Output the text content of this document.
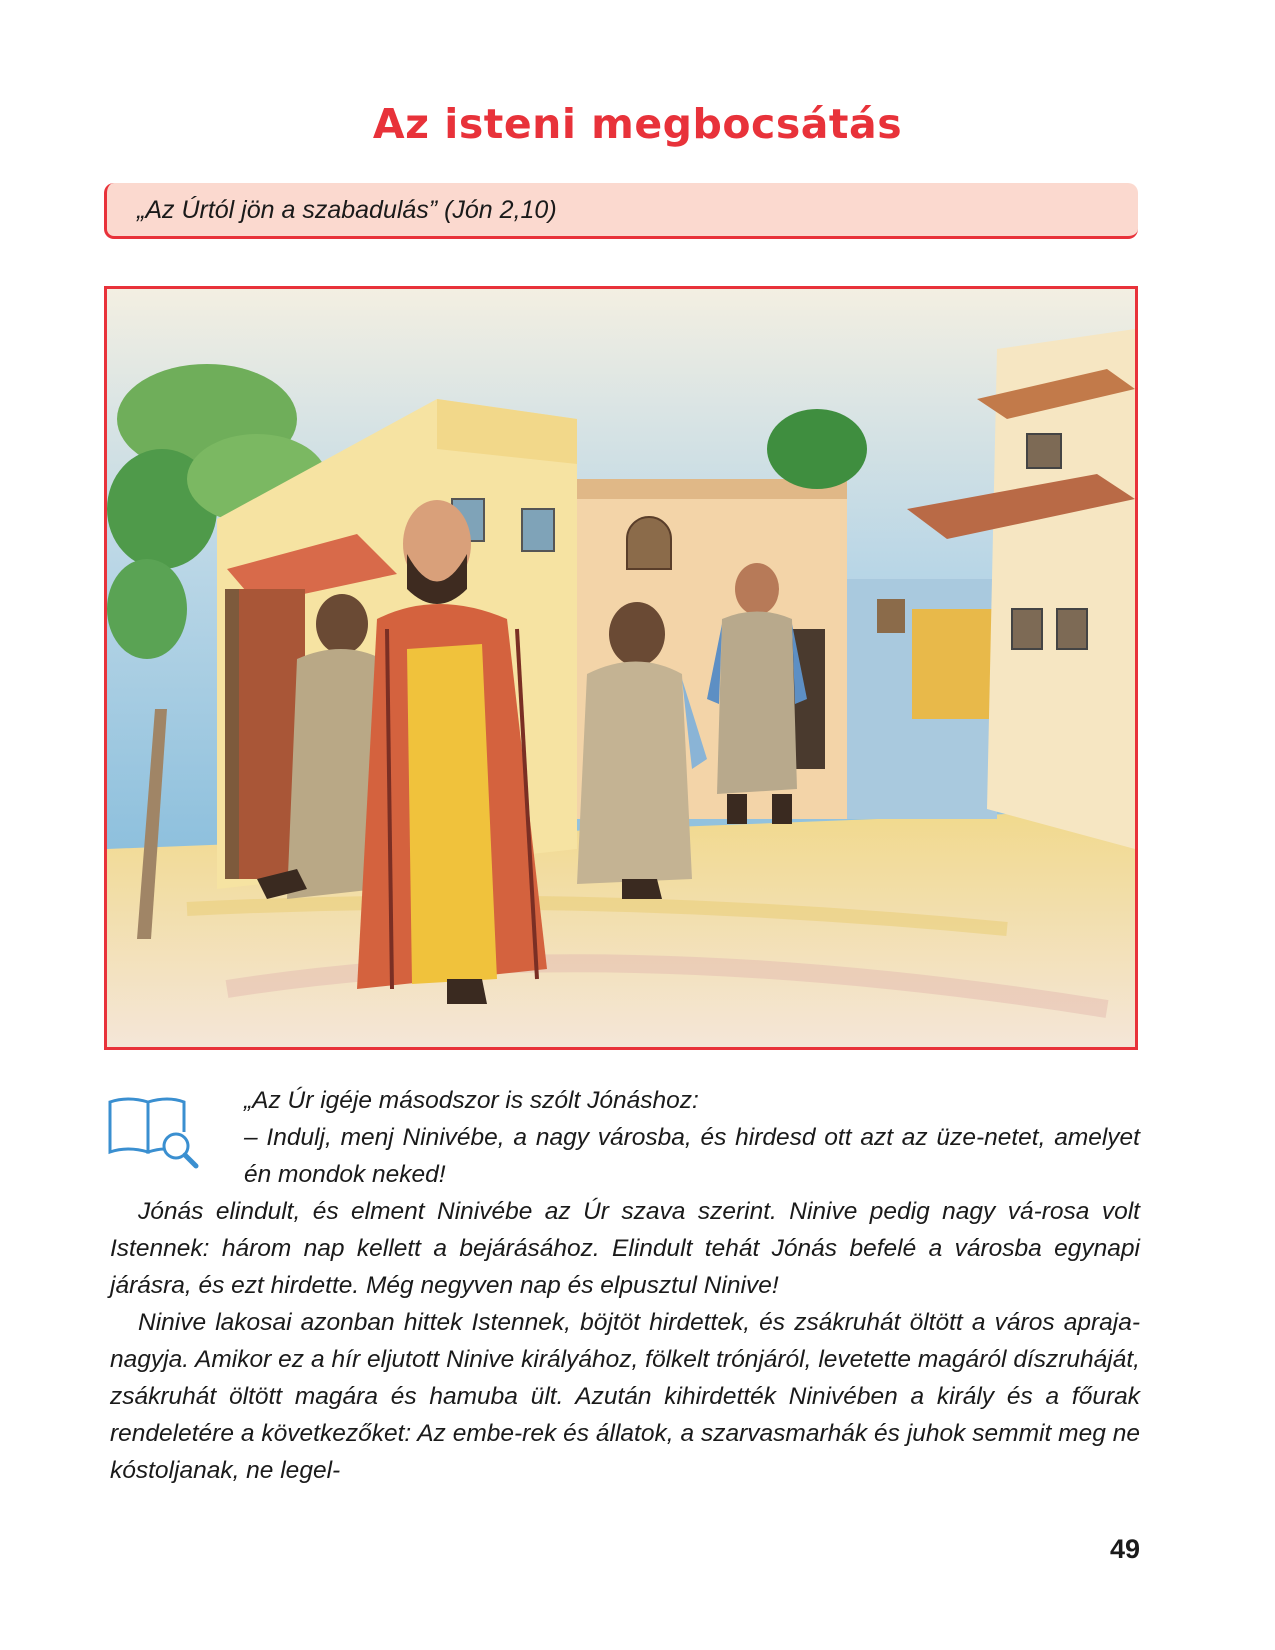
Az isteni megbocsátás
„Az Úrtól jön a szabadulás” (Jón 2,10)

„Az Úr igéje másodszor is szólt Jónáshoz:

– Indulj, menj Ninivébe, a nagy városba, és hirdesd ott azt az üze-netet, amelyet én mondok neked!

Jónás elindult, és elment Ninivébe az Úr szava szerint. Ninive pedig nagy vá-rosa volt Istennek: három nap kellett a bejárásához. Elindult tehát Jónás befelé a városba egynapi járásra, és ezt hirdette. Még negyven nap és elpusztul Ninive!

Ninive lakosai azonban hittek Istennek, böjtöt hirdettek, és zsákruhát öltött a város apraja-nagyja. Amikor ez a hír eljutott Ninive királyához, fölkelt trónjáról, levetette magáról díszruháját, zsákruhát öltött magára és hamuba ült. Azután kihirdették Ninivében a király és a főurak rendeletére a következőket: Az embe-rek és állatok, a szarvasmarhák és juhok semmit meg ne kóstoljanak, ne legel-

49
